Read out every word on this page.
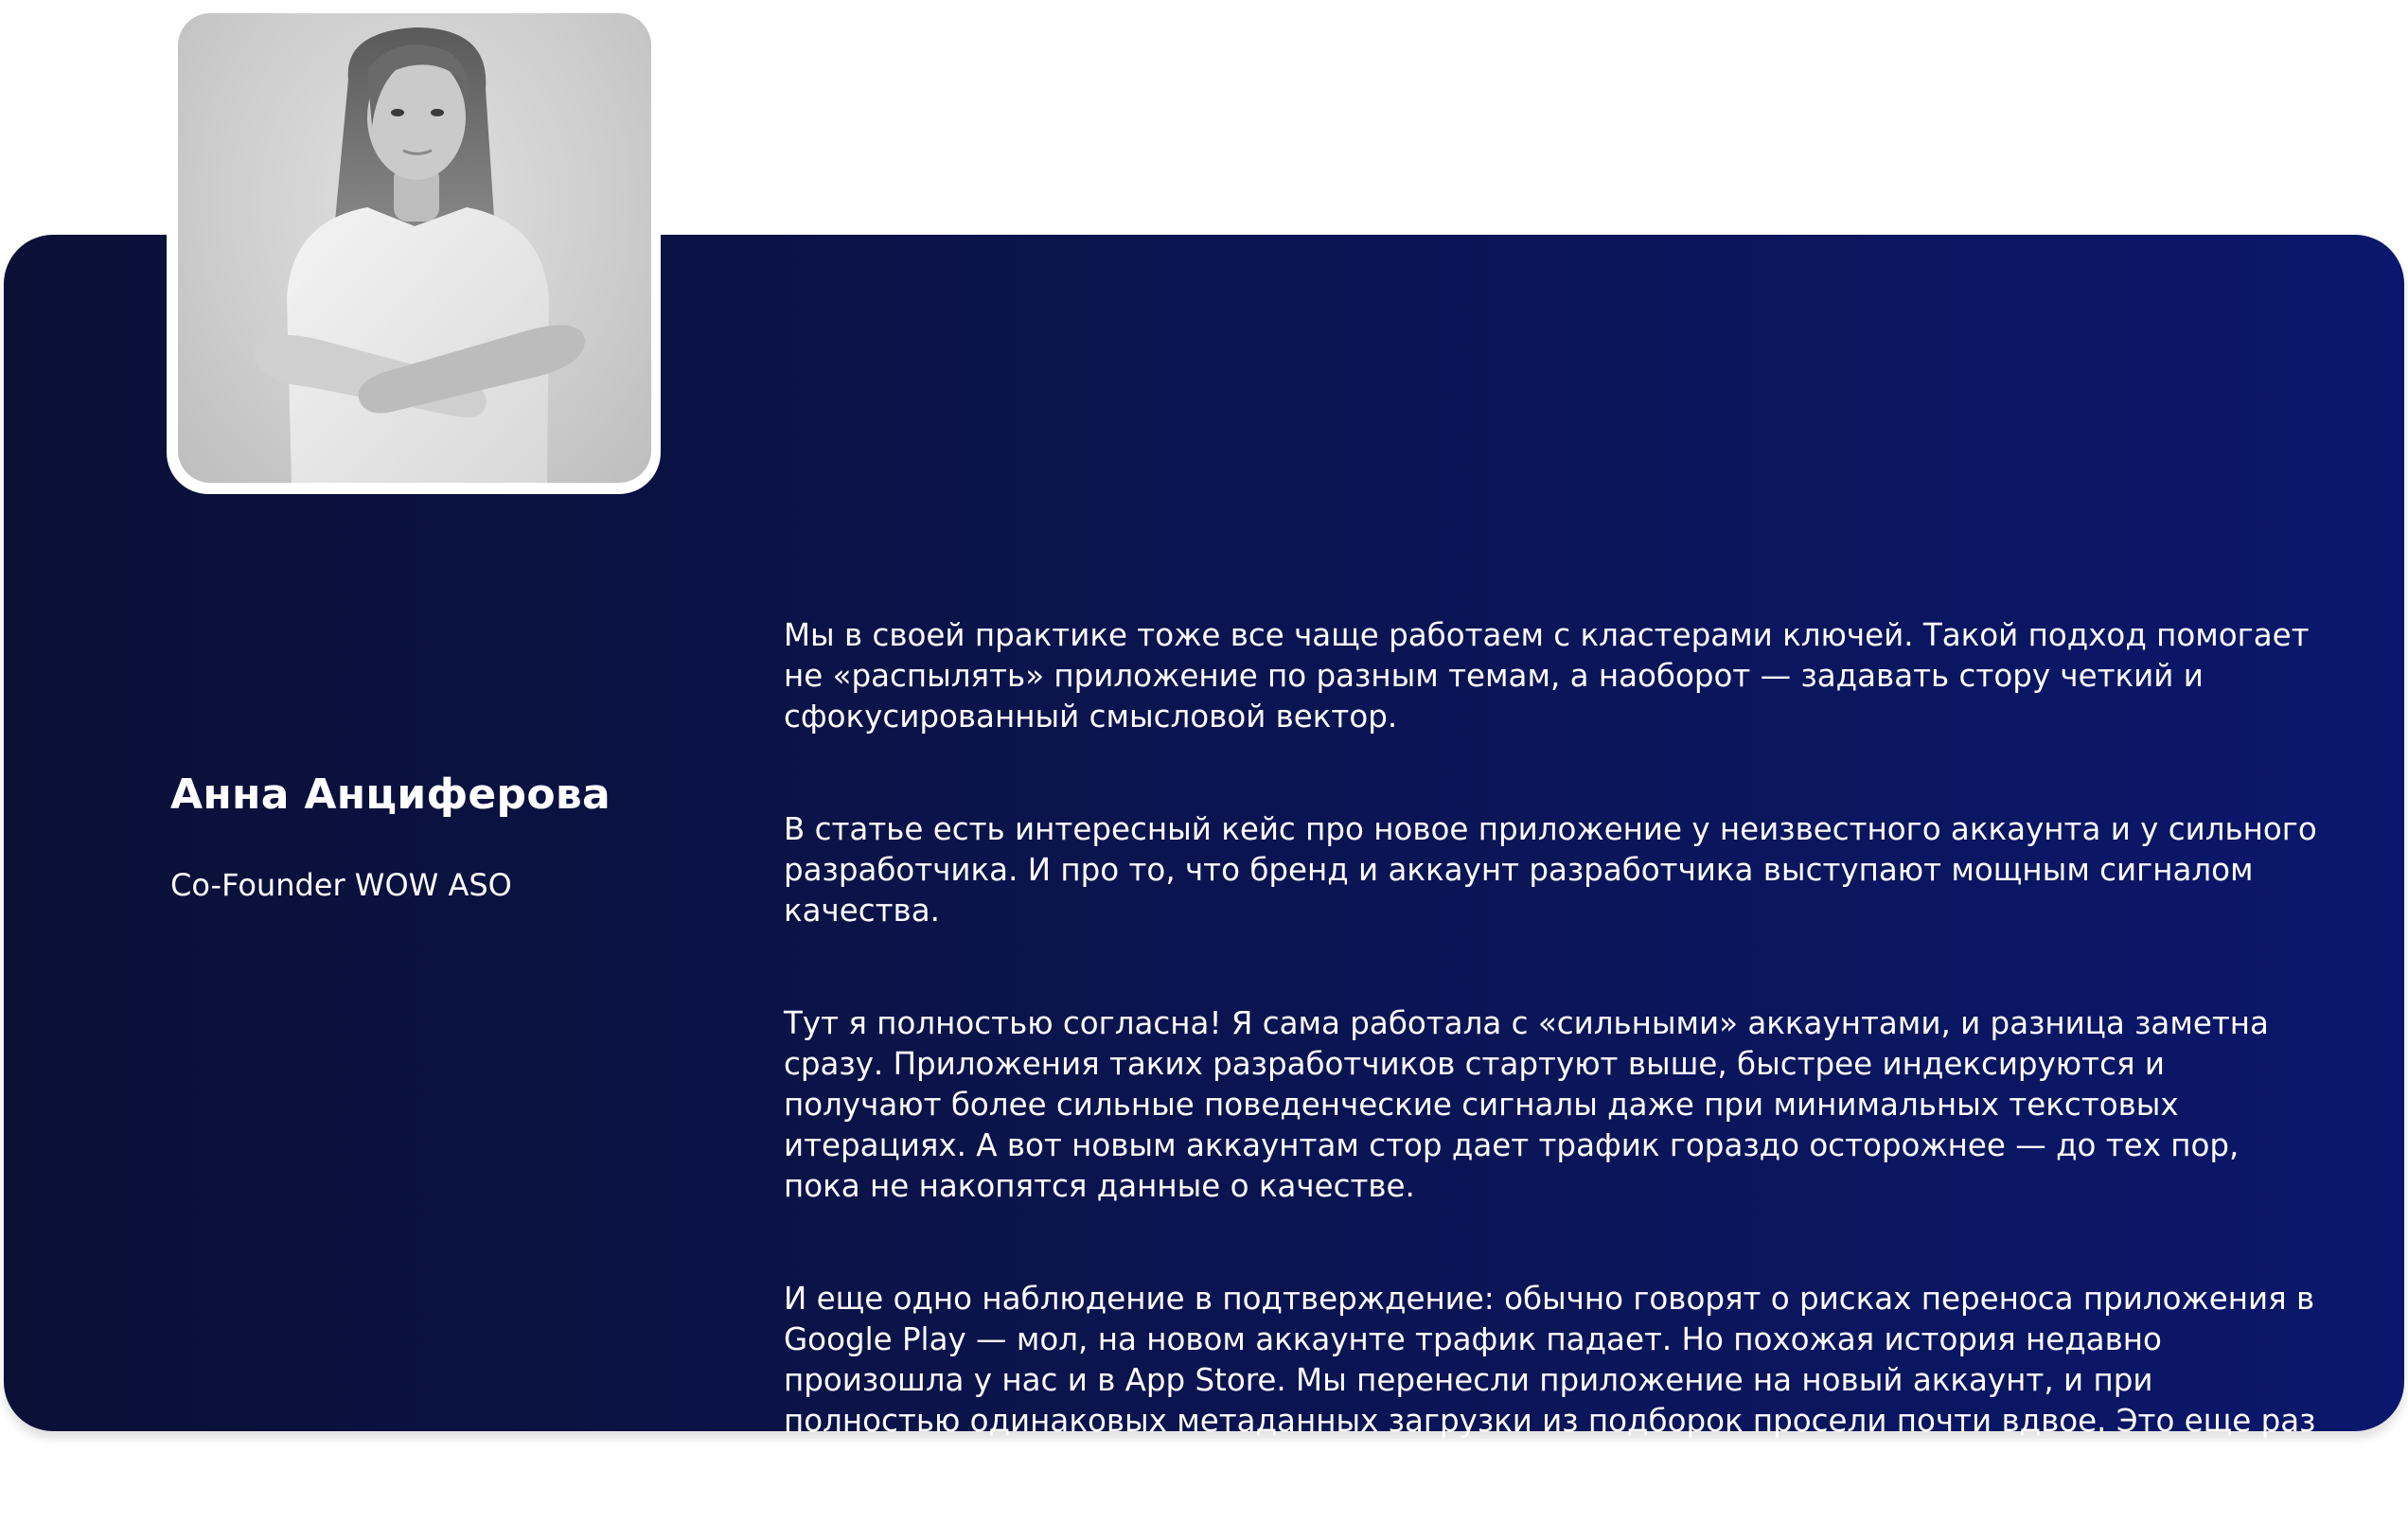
Мы в своей практике тоже все чаще работаем с кластерами ключей. Такой подход помогает не «распылять» приложение по разным темам, а наоборот — задавать стору четкий и сфокусированный смысловой вектор.

В статье есть интересный кейс про новое приложение у неизвестного аккаунта и у сильного разработчика. И про то, что бренд и аккаунт разработчика выступают мощным сигналом качества.

Тут я полностью согласна! Я сама работала с «сильными» аккаунтами, и разница заметна сразу. Приложения таких разработчиков стартуют выше, быстрее индексируются и получают более сильные поведенческие сигналы даже при минимальных текстовых итерациях. А вот новым аккаунтам стор дает трафик гораздо осторожнее — до тех пор, пока не накопятся данные о качестве.

И еще одно наблюдение в подтверждение: обычно говорят о рисках переноса приложения в Google Play — мол, на новом аккаунте трафик падает. Но похожая история недавно произошла у нас и в App Store. Мы перенесли приложение на новый аккаунт, и при полностью одинаковых метаданных загрузки из подборок просели почти вдвое. Это еще раз подтверждает, что репутация аккаунта — реальный фактор, который напрямую влияет на органику.

Анна Анциферова
Co-Founder WOW ASO
